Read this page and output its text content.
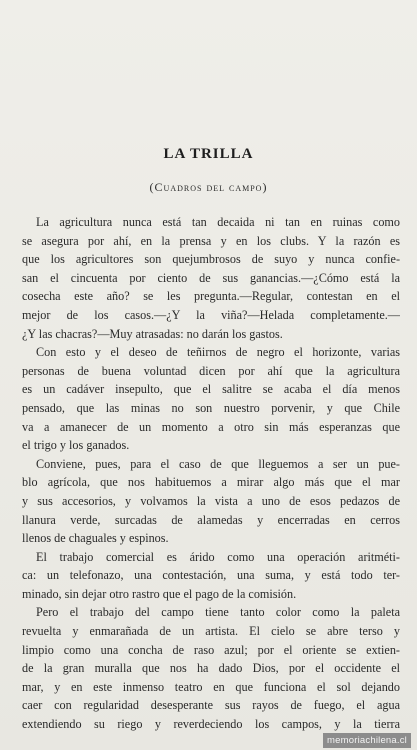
LA TRILLA
(Cuadros del campo)
La agricultura nunca está tan decaida ni tan en ruinas como
se asegura por ahí, en la prensa y en los clubs. Y la razón es
que los agricultores son quejumbrosos de suyo y nunca confie-
san el cincuenta por ciento de sus ganancias.—¿Cómo está la
cosecha este año? se les pregunta.—Regular, contestan en el
mejor de los casos.—¿Y la viña?—Helada completamente.—
¿Y las chacras?—Muy atrasadas: no darán los gastos.
Con esto y el deseo de teñirnos de negro el horizonte, varias
personas de buena voluntad dicen por ahí que la agricultura
es un cadáver insepulto, que el salitre se acaba el día menos
pensado, que las minas no son nuestro porvenir, y que Chile
va a amanecer de un momento a otro sin más esperanzas que
el trigo y los ganados.
Conviene, pues, para el caso de que lleguemos a ser un pue-
blo agrícola, que nos habituemos a mirar algo más que el mar
y sus accesorios, y volvamos la vista a uno de esos pedazos de
llanura verde, surcadas de alamedas y encerradas en cerros
llenos de chaguales y espinos.
El trabajo comercial es árido como una operación aritméti-
ca: un telefonazo, una contestación, una suma, y está todo ter-
minado, sin dejar otro rastro que el pago de la comisión.
Pero el trabajo del campo tiene tanto color como la paleta
revuelta y enmarañada de un artista. El cielo se abre terso y
limpio como una concha de raso azul; por el oriente se extien-
de la gran muralla que nos ha dado Dios, por el occidente el
mar, y en este inmenso teatro en que funciona el sol dejando
caer con regularidad desesperante sus rayos de fuego, el agua
extendiendo su riego y reverdeciendo los campos, y la tierra
memoriachilena.cl
